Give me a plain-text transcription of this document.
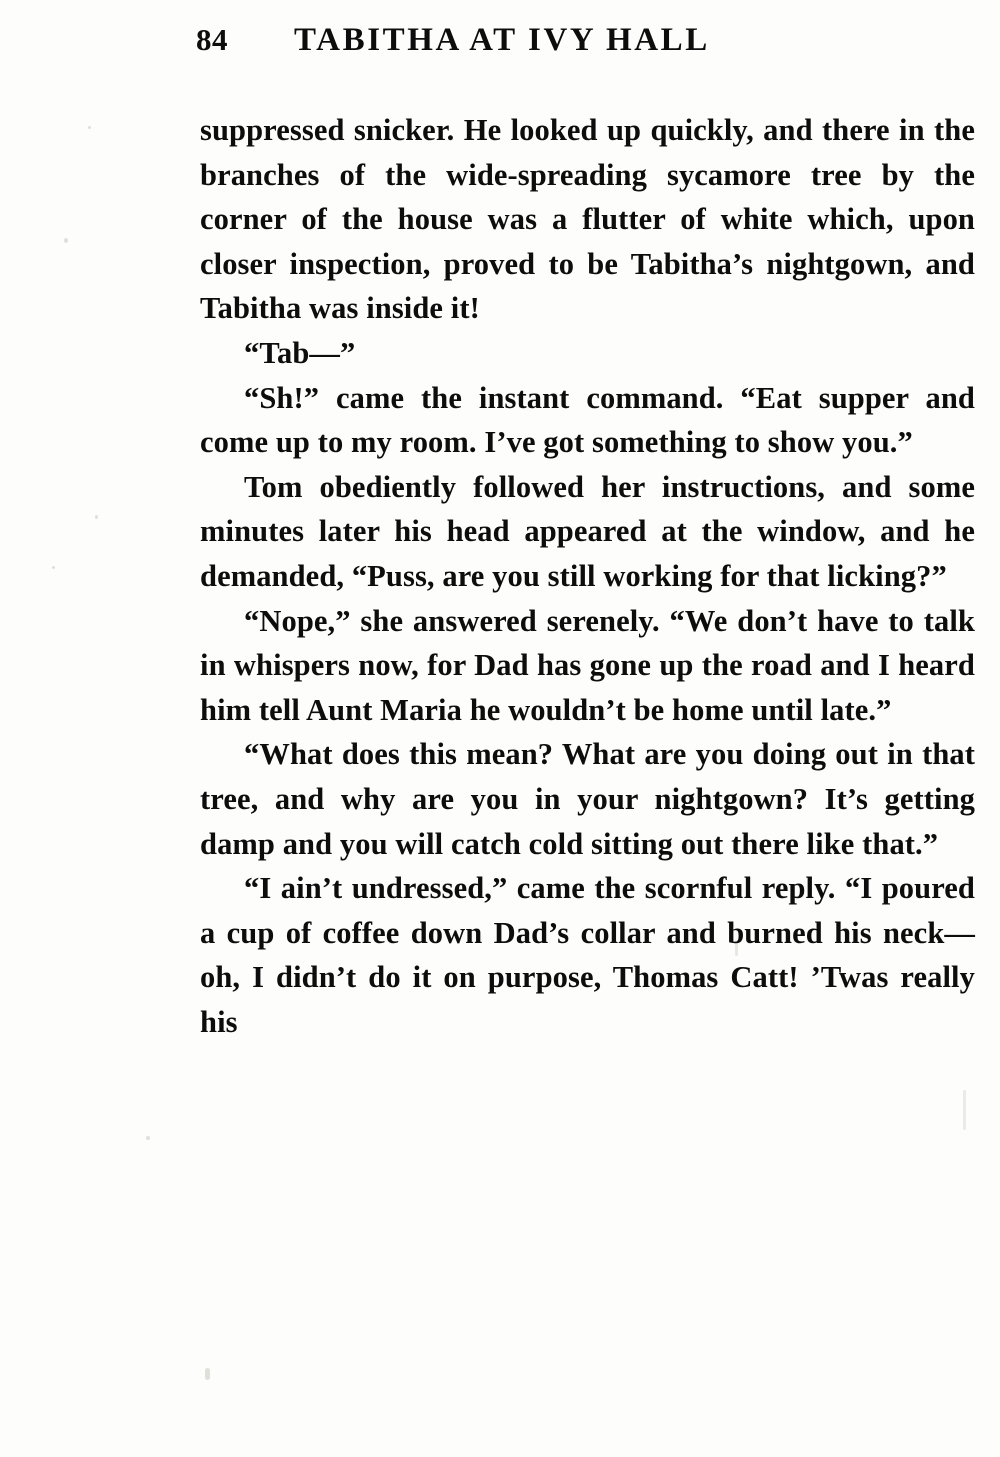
84 TABITHA AT IVY HALL

suppressed snicker. He looked up quickly, and there in the branches of the wide-spreading sycamore tree by the corner of the house was a flutter of white which, upon closer inspection, proved to be Tabitha’s nightgown, and Tabitha was inside it!

“Tab—”

“Sh!” came the instant command. “Eat supper and come up to my room. I’ve got something to show you.”

Tom obediently followed her instructions, and some minutes later his head appeared at the window, and he demanded, “Puss, are you still working for that licking?”

“Nope,” she answered serenely. “We don’t have to talk in whispers now, for Dad has gone up the road and I heard him tell Aunt Maria he wouldn’t be home until late.”

“What does this mean? What are you doing out in that tree, and why are you in your nightgown? It’s getting damp and you will catch cold sitting out there like that.”

“I ain’t undressed,” came the scornful reply. “I poured a cup of coffee down Dad’s collar and burned his neck—oh, I didn’t do it on purpose, Thomas Catt! ’Twas really his
